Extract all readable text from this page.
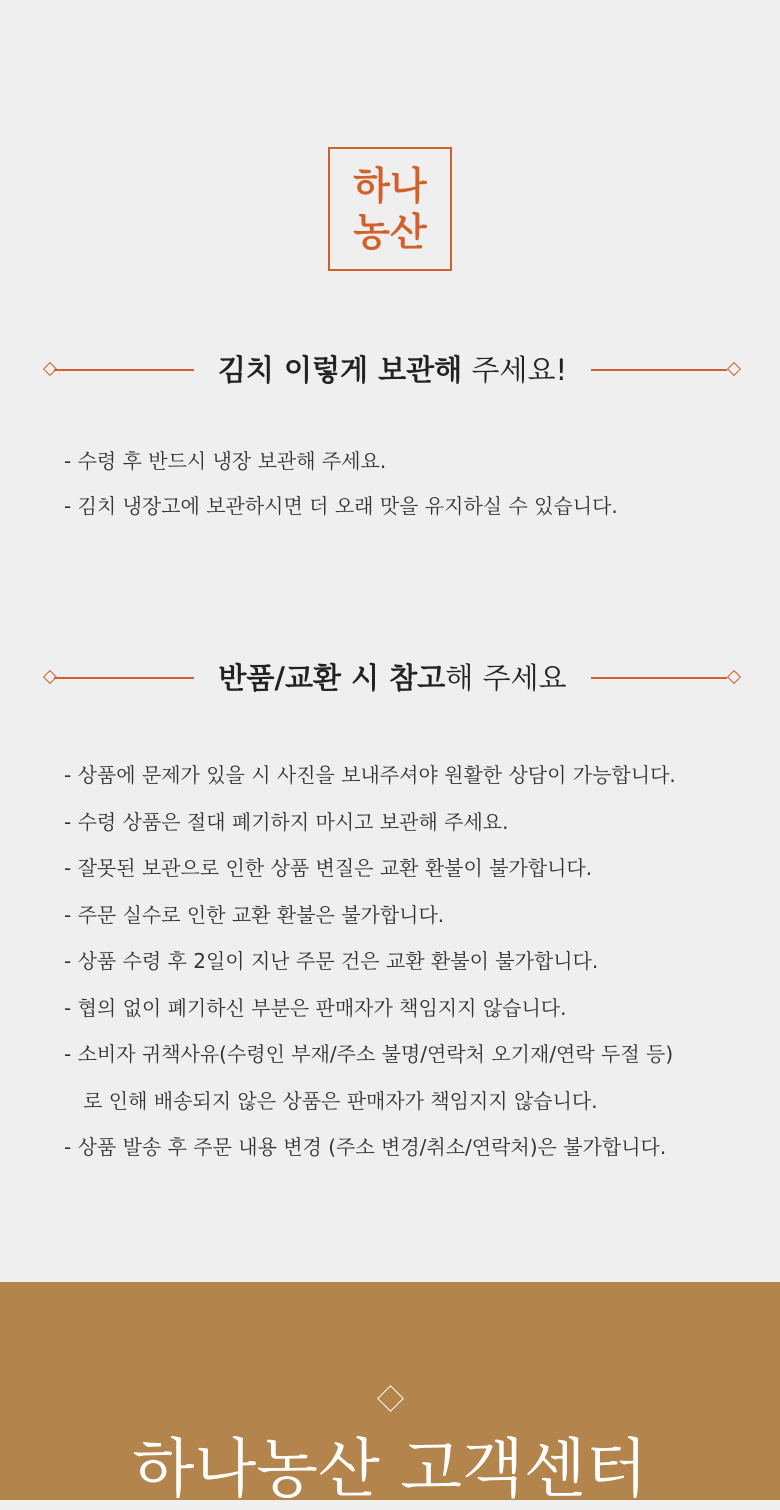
하나
농산
김치 이렇게 보관해 주세요!
- 수령 후 반드시 냉장 보관해 주세요.
- 김치 냉장고에 보관하시면 더 오래 맛을 유지하실 수 있습니다.
반품/교환 시 참고해 주세요
- 상품에 문제가 있을 시 사진을 보내주셔야 원활한 상담이 가능합니다.
- 수령 상품은 절대 폐기하지 마시고 보관해 주세요.
- 잘못된 보관으로 인한 상품 변질은 교환 환불이 불가합니다.
- 주문 실수로 인한 교환 환불은 불가합니다.
- 상품 수령 후 2일이 지난 주문 건은 교환 환불이 불가합니다.
- 협의 없이 폐기하신 부분은 판매자가 책임지지 않습니다.
- 소비자 귀책사유(수령인 부재/주소 불명/연락처 오기재/연락 두절 등)
로 인해 배송되지 않은 상품은 판매자가 책임지지 않습니다.
- 상품 발송 후 주문 내용 변경 (주소 변경/취소/연락처)은 불가합니다.
하나농산 고객센터
